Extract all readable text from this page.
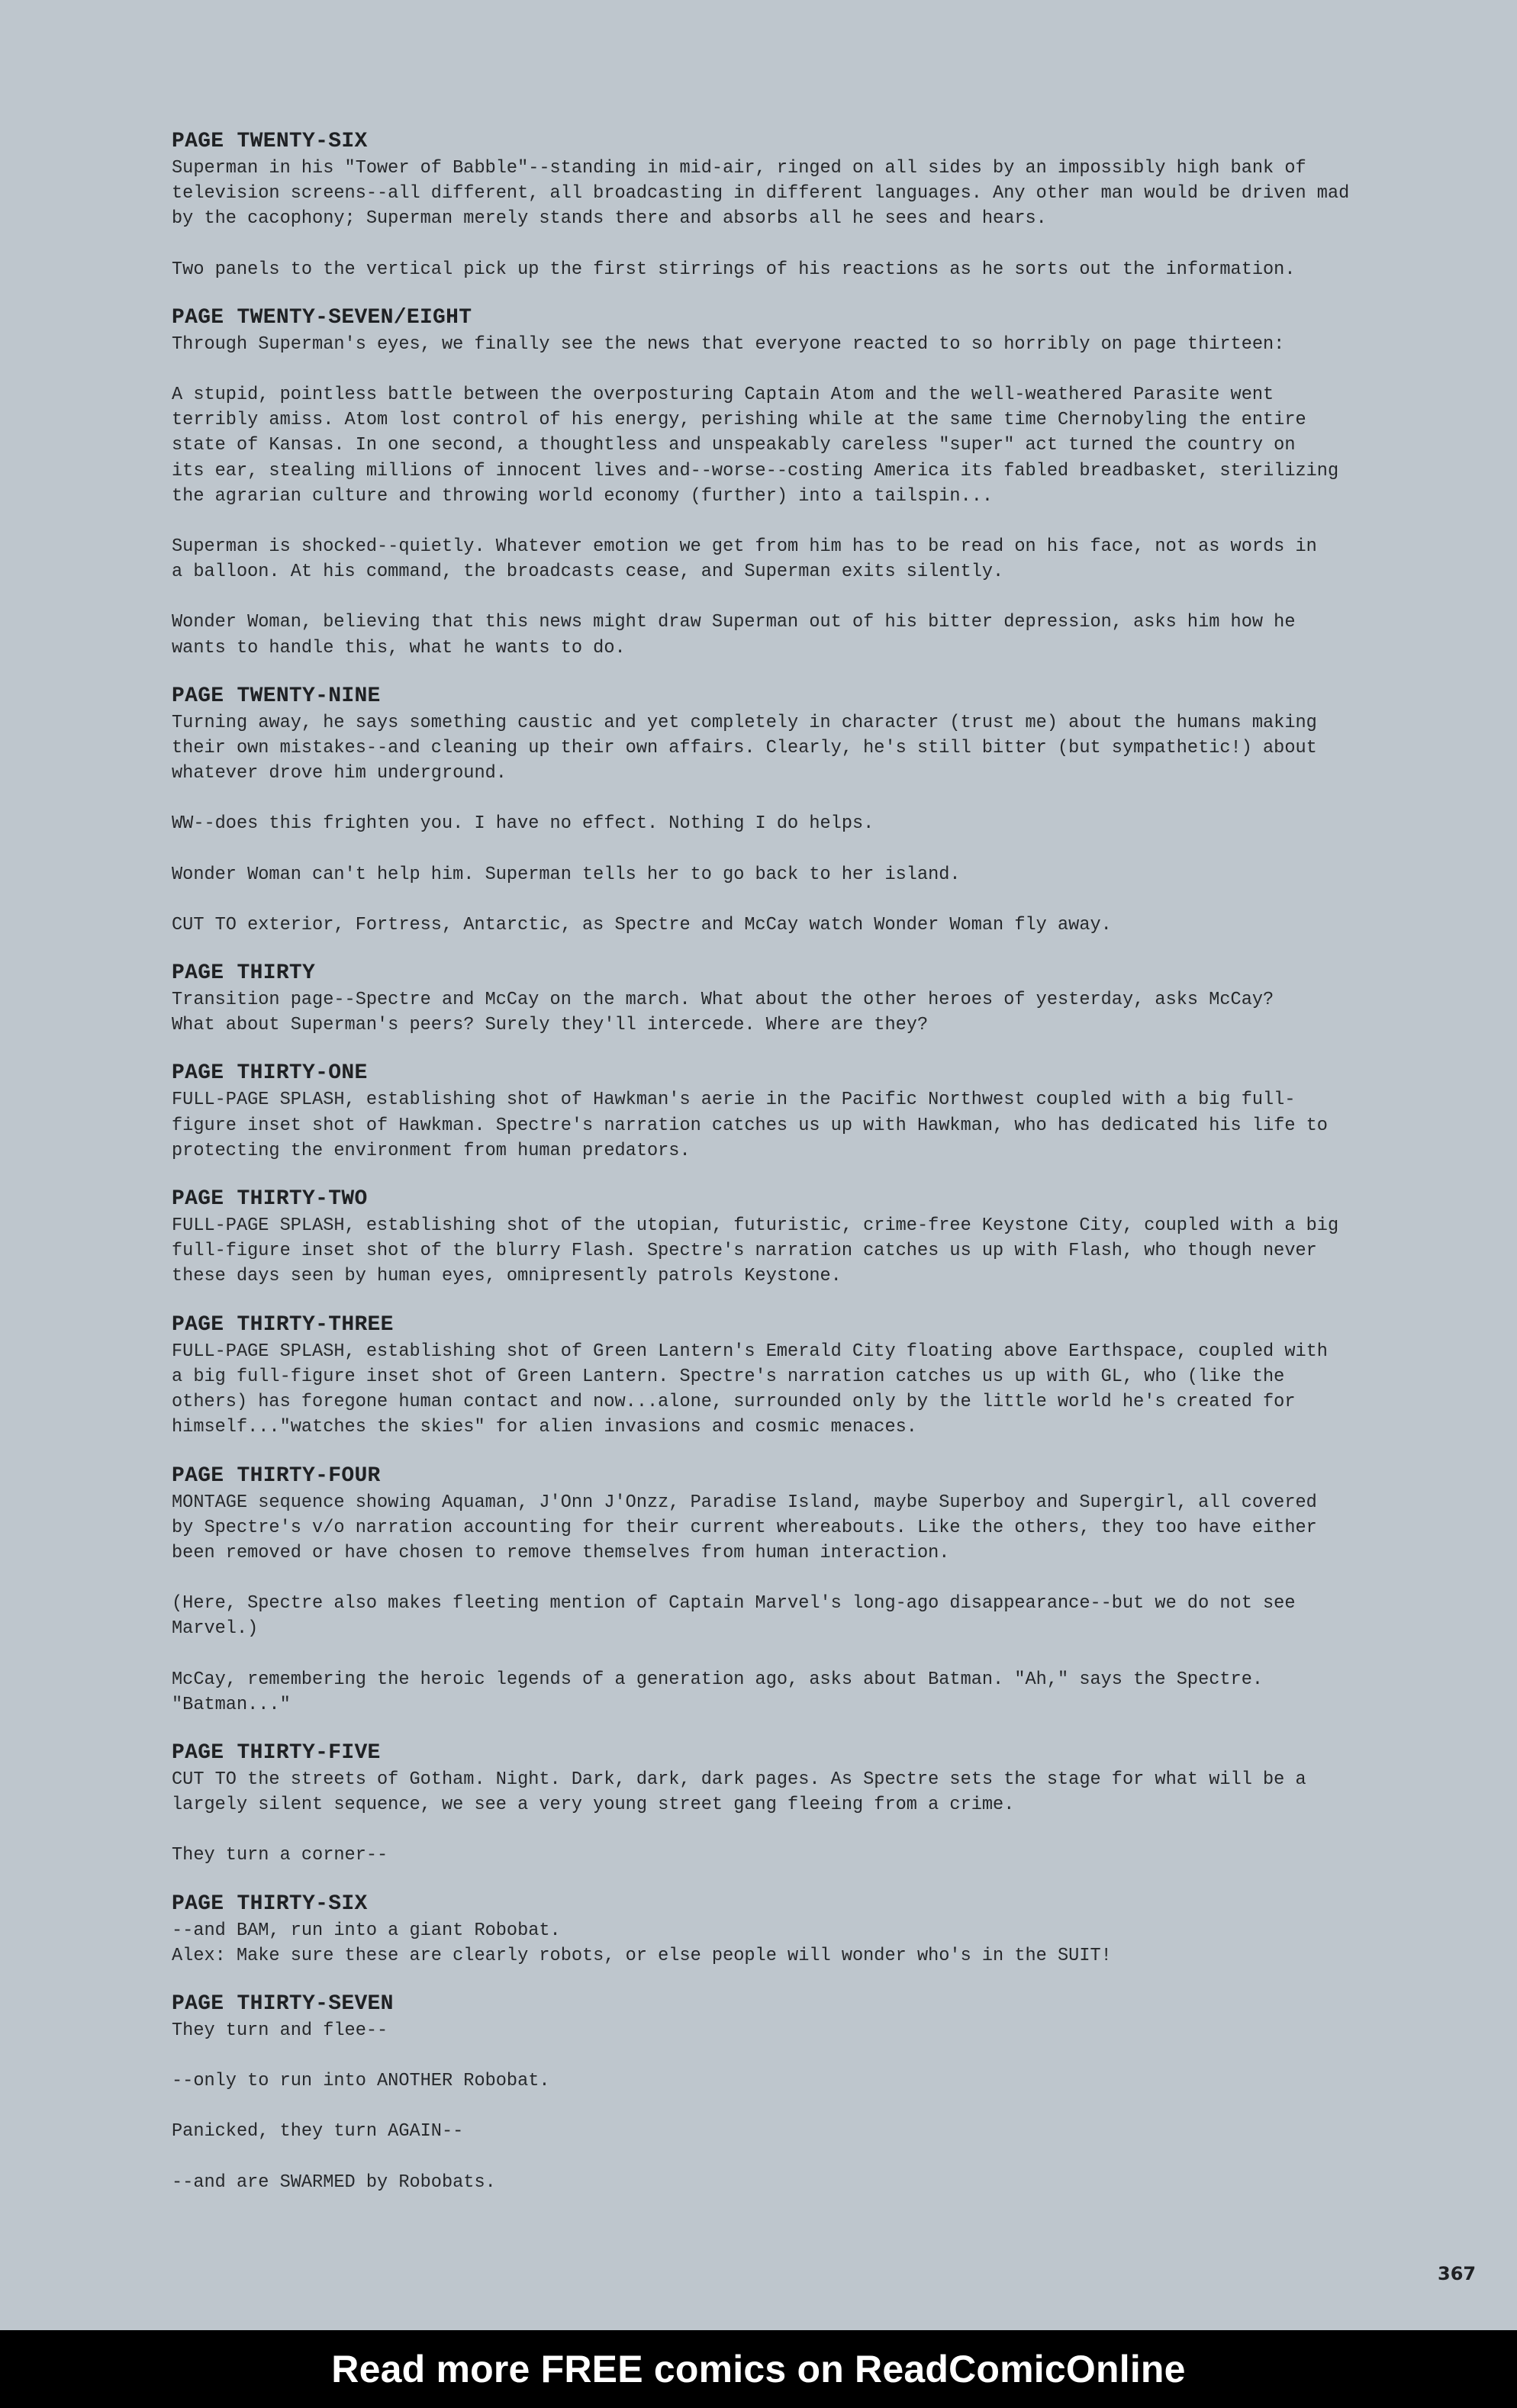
PAGE TWENTY-SIX

Superman in his "Tower of Babble"--standing in mid-air, ringed on all sides by an impossibly high bank of
television screens--all different, all broadcasting in different languages. Any other man would be driven mad
by the cacophony; Superman merely stands there and absorbs all he sees and hears.

Two panels to the vertical pick up the first stirrings of his reactions as he sorts out the information.

PAGE TWENTY-SEVEN/EIGHT

Through Superman's eyes, we finally see the news that everyone reacted to so horribly on page thirteen:

A stupid, pointless battle between the overposturing Captain Atom and the well-weathered Parasite went
terribly amiss. Atom lost control of his energy, perishing while at the same time Chernobyling the entire
state of Kansas. In one second, a thoughtless and unspeakably careless "super" act turned the country on
its ear, stealing millions of innocent lives and--worse--costing America its fabled breadbasket, sterilizing
the agrarian culture and throwing world economy (further) into a tailspin...

Superman is shocked--quietly. Whatever emotion we get from him has to be read on his face, not as words in
a balloon. At his command, the broadcasts cease, and Superman exits silently.

Wonder Woman, believing that this news might draw Superman out of his bitter depression, asks him how he
wants to handle this, what he wants to do.

PAGE TWENTY-NINE

Turning away, he says something caustic and yet completely in character (trust me) about the humans making
their own mistakes--and cleaning up their own affairs. Clearly, he's still bitter (but sympathetic!) about
whatever drove him underground.

WW--does this frighten you. I have no effect. Nothing I do helps.

Wonder Woman can't help him. Superman tells her to go back to her island.

CUT TO exterior, Fortress, Antarctic, as Spectre and McCay watch Wonder Woman fly away.

PAGE THIRTY

Transition page--Spectre and McCay on the march. What about the other heroes of yesterday, asks McCay?
What about Superman's peers? Surely they'll intercede. Where are they?

PAGE THIRTY-ONE

FULL-PAGE SPLASH, establishing shot of Hawkman's aerie in the Pacific Northwest coupled with a big full-
figure inset shot of Hawkman. Spectre's narration catches us up with Hawkman, who has dedicated his life to
protecting the environment from human predators.

PAGE THIRTY-TWO

FULL-PAGE SPLASH, establishing shot of the utopian, futuristic, crime-free Keystone City, coupled with a big
full-figure inset shot of the blurry Flash. Spectre's narration catches us up with Flash, who though never
these days seen by human eyes, omnipresently patrols Keystone.

PAGE THIRTY-THREE

FULL-PAGE SPLASH, establishing shot of Green Lantern's Emerald City floating above Earthspace, coupled with
a big full-figure inset shot of Green Lantern. Spectre's narration catches us up with GL, who (like the
others) has foregone human contact and now...alone, surrounded only by the little world he's created for
himself..."watches the skies" for alien invasions and cosmic menaces.

PAGE THIRTY-FOUR

MONTAGE sequence showing Aquaman, J'Onn J'Onzz, Paradise Island, maybe Superboy and Supergirl, all covered
by Spectre's v/o narration accounting for their current whereabouts. Like the others, they too have either
been removed or have chosen to remove themselves from human interaction.

(Here, Spectre also makes fleeting mention of Captain Marvel's long-ago disappearance--but we do not see
Marvel.)

McCay, remembering the heroic legends of a generation ago, asks about Batman. "Ah," says the Spectre.
"Batman..."

PAGE THIRTY-FIVE

CUT TO the streets of Gotham. Night. Dark, dark, dark pages. As Spectre sets the stage for what will be a
largely silent sequence, we see a very young street gang fleeing from a crime.

They turn a corner--

PAGE THIRTY-SIX

--and BAM, run into a giant Robobat.
Alex: Make sure these are clearly robots, or else people will wonder who's in the SUIT!

PAGE THIRTY-SEVEN

They turn and flee--

--only to run into ANOTHER Robobat.

Panicked, they turn AGAIN--

--and are SWARMED by Robobats.

367
Read more FREE comics on ReadComicOnline
